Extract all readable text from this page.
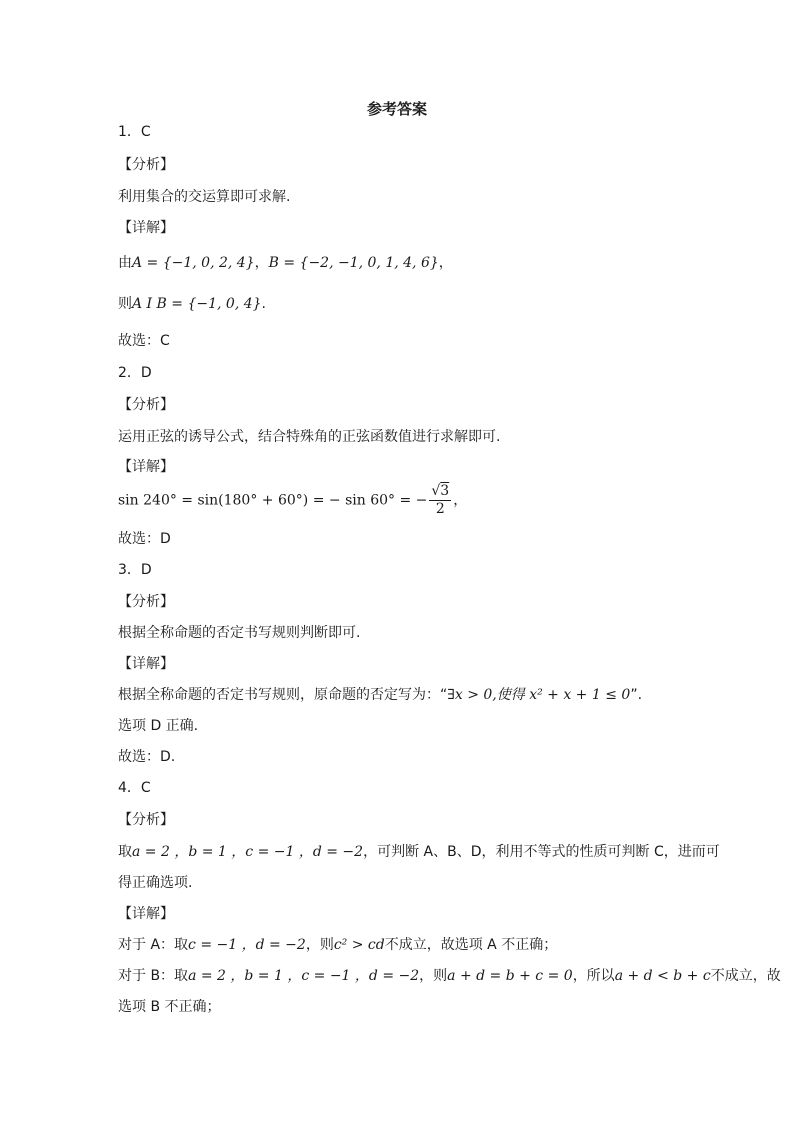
参考答案
1．C
【分析】
利用集合的交运算即可求解.
【详解】
由A = {−1, 0, 2, 4}，B = {−2, −1, 0, 1, 4, 6}，
则A I B = {−1, 0, 4}.
故选：C
2．D
【分析】
运用正弦的诱导公式，结合特殊角的正弦函数值进行求解即可.
【详解】
sin 240° = sin(180° + 60°) = − sin 60° = − $\frac{√3}{2}$ ，
故选：D
3．D
【分析】
根据全称命题的否定书写规则判断即可.
【详解】
根据全称命题的否定书写规则，原命题的否定写为：“∃x > 0,使得 x² + x + 1 ≤ 0”.
选项 D 正确.
故选：D.
4．C
【分析】
取a = 2 ，b = 1 ，c = −1 ，d = −2，可判断 A、B、D，利用不等式的性质可判断 C，进而可
得正确选项.
【详解】
对于 A：取c = −1 ，d = −2，则c² > cd不成立，故选项 A 不正确；
对于 B：取a = 2 ，b = 1 ，c = −1 ，d = −2，则a + d = b + c = 0，所以a + d < b + c不成立，故
选项 B 不正确；
